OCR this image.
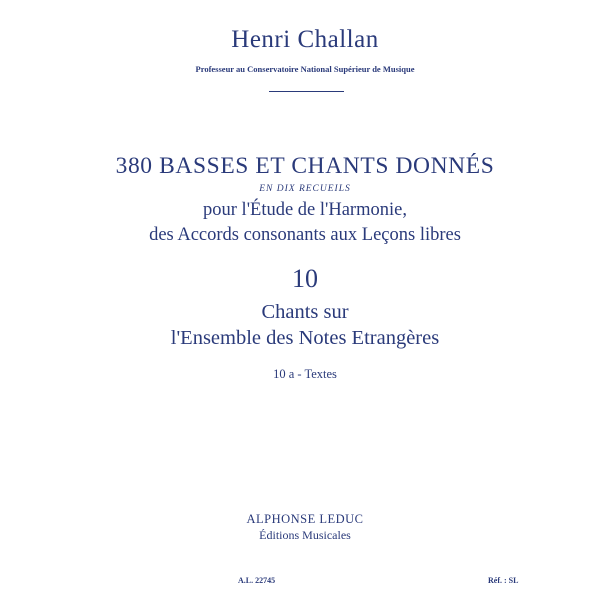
Henri Challan
Professeur au Conservatoire National Supérieur de Musique
380 BASSES ET CHANTS DONNÉS
EN DIX RECUEILS
pour l'Étude de l'Harmonie,
des Accords consonants aux Leçons libres
10
Chants sur
l'Ensemble des Notes Etrangères
10 a - Textes
ALPHONSE LEDUC
Éditions Musicales
A.L. 22745	Réf. : SL
